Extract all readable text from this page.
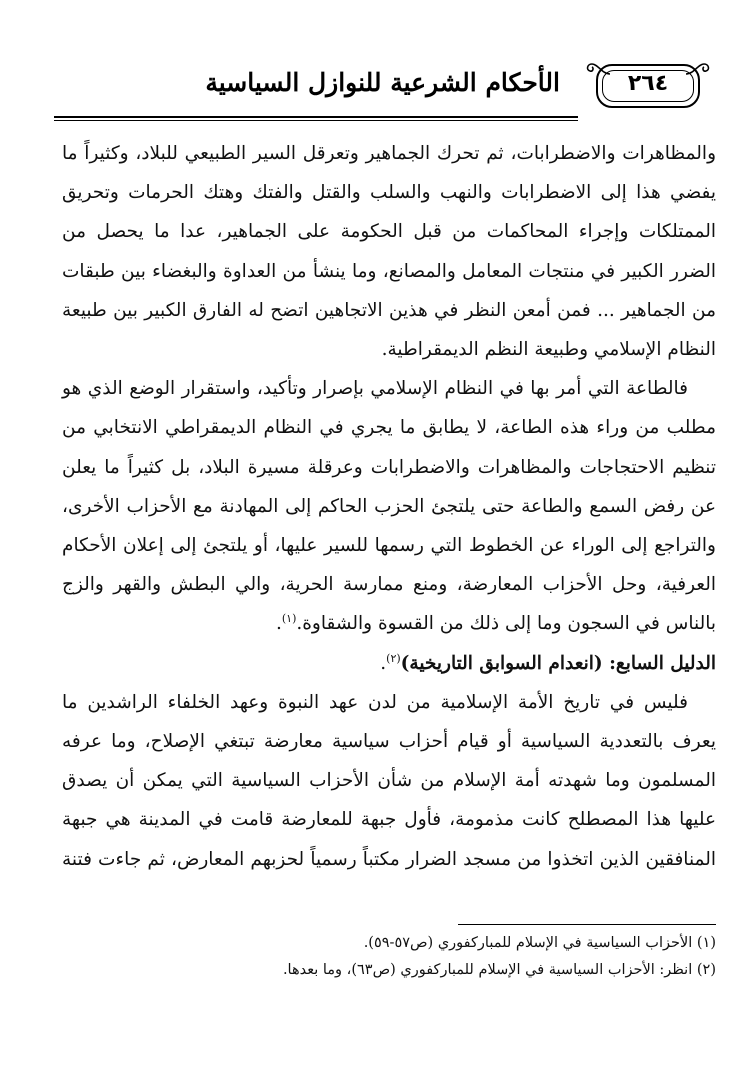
الأحكام الشرعية للنوازل السياسية	٢٦٤

والمظاهرات والاضطرابات، ثم تحرك الجماهير وتعرقل السير الطبيعي للبلاد، وكثيراً ما يفضي هذا إلى الاضطرابات والنهب والسلب والقتل والفتك وهتك الحرمات وتحريق الممتلكات وإجراء المحاكمات من قبل الحكومة على الجماهير، عدا ما يحصل من الضرر الكبير في منتجات المعامل والمصانع، وما ينشأ من العداوة والبغضاء بين طبقات من الجماهير ... فمن أمعن النظر في هذين الاتجاهين اتضح له الفارق الكبير بين طبيعة النظام الإسلامي وطبيعة النظم الديمقراطية.

فالطاعة التي أمر بها في النظام الإسلامي بإصرار وتأكيد، واستقرار الوضع الذي هو مطلب من وراء هذه الطاعة، لا يطابق ما يجري في النظام الديمقراطي الانتخابي من تنظيم الاحتجاجات والمظاهرات والاضطرابات وعرقلة مسيرة البلاد، بل كثيراً ما يعلن عن رفض السمع والطاعة حتى يلتجئ الحزب الحاكم إلى المهادنة مع الأحزاب الأخرى، والتراجع إلى الوراء عن الخطوط التي رسمها للسير عليها، أو يلتجئ إلى إعلان الأحكام العرفية، وحل الأحزاب المعارضة، ومنع ممارسة الحرية، والي البطش والقهر والزج بالناس في السجون وما إلى ذلك من القسوة والشقاوة.$^{(١)}$.

الدليل السابع: (انعدام السوابق التاريخية)$^{(٢)}$.

فليس في تاريخ الأمة الإسلامية من لدن عهد النبوة وعهد الخلفاء الراشدين ما يعرف بالتعددية السياسية أو قيام أحزاب سياسية معارضة تبتغي الإصلاح، وما عرفه المسلمون وما شهدته أمة الإسلام من شأن الأحزاب السياسية التي يمكن أن يصدق عليها هذا المصطلح كانت مذمومة، فأول جبهة للمعارضة قامت في المدينة هي جبهة المنافقين الذين اتخذوا من مسجد الضرار مكتباً رسمياً لحزبهم المعارض، ثم جاءت فتنة

(١) الأحزاب السياسية في الإسلام للمباركفوري (ص٥٧-٥٩).

(٢) انظر: الأحزاب السياسية في الإسلام للمباركفوري (ص٦٣)، وما بعدها.
